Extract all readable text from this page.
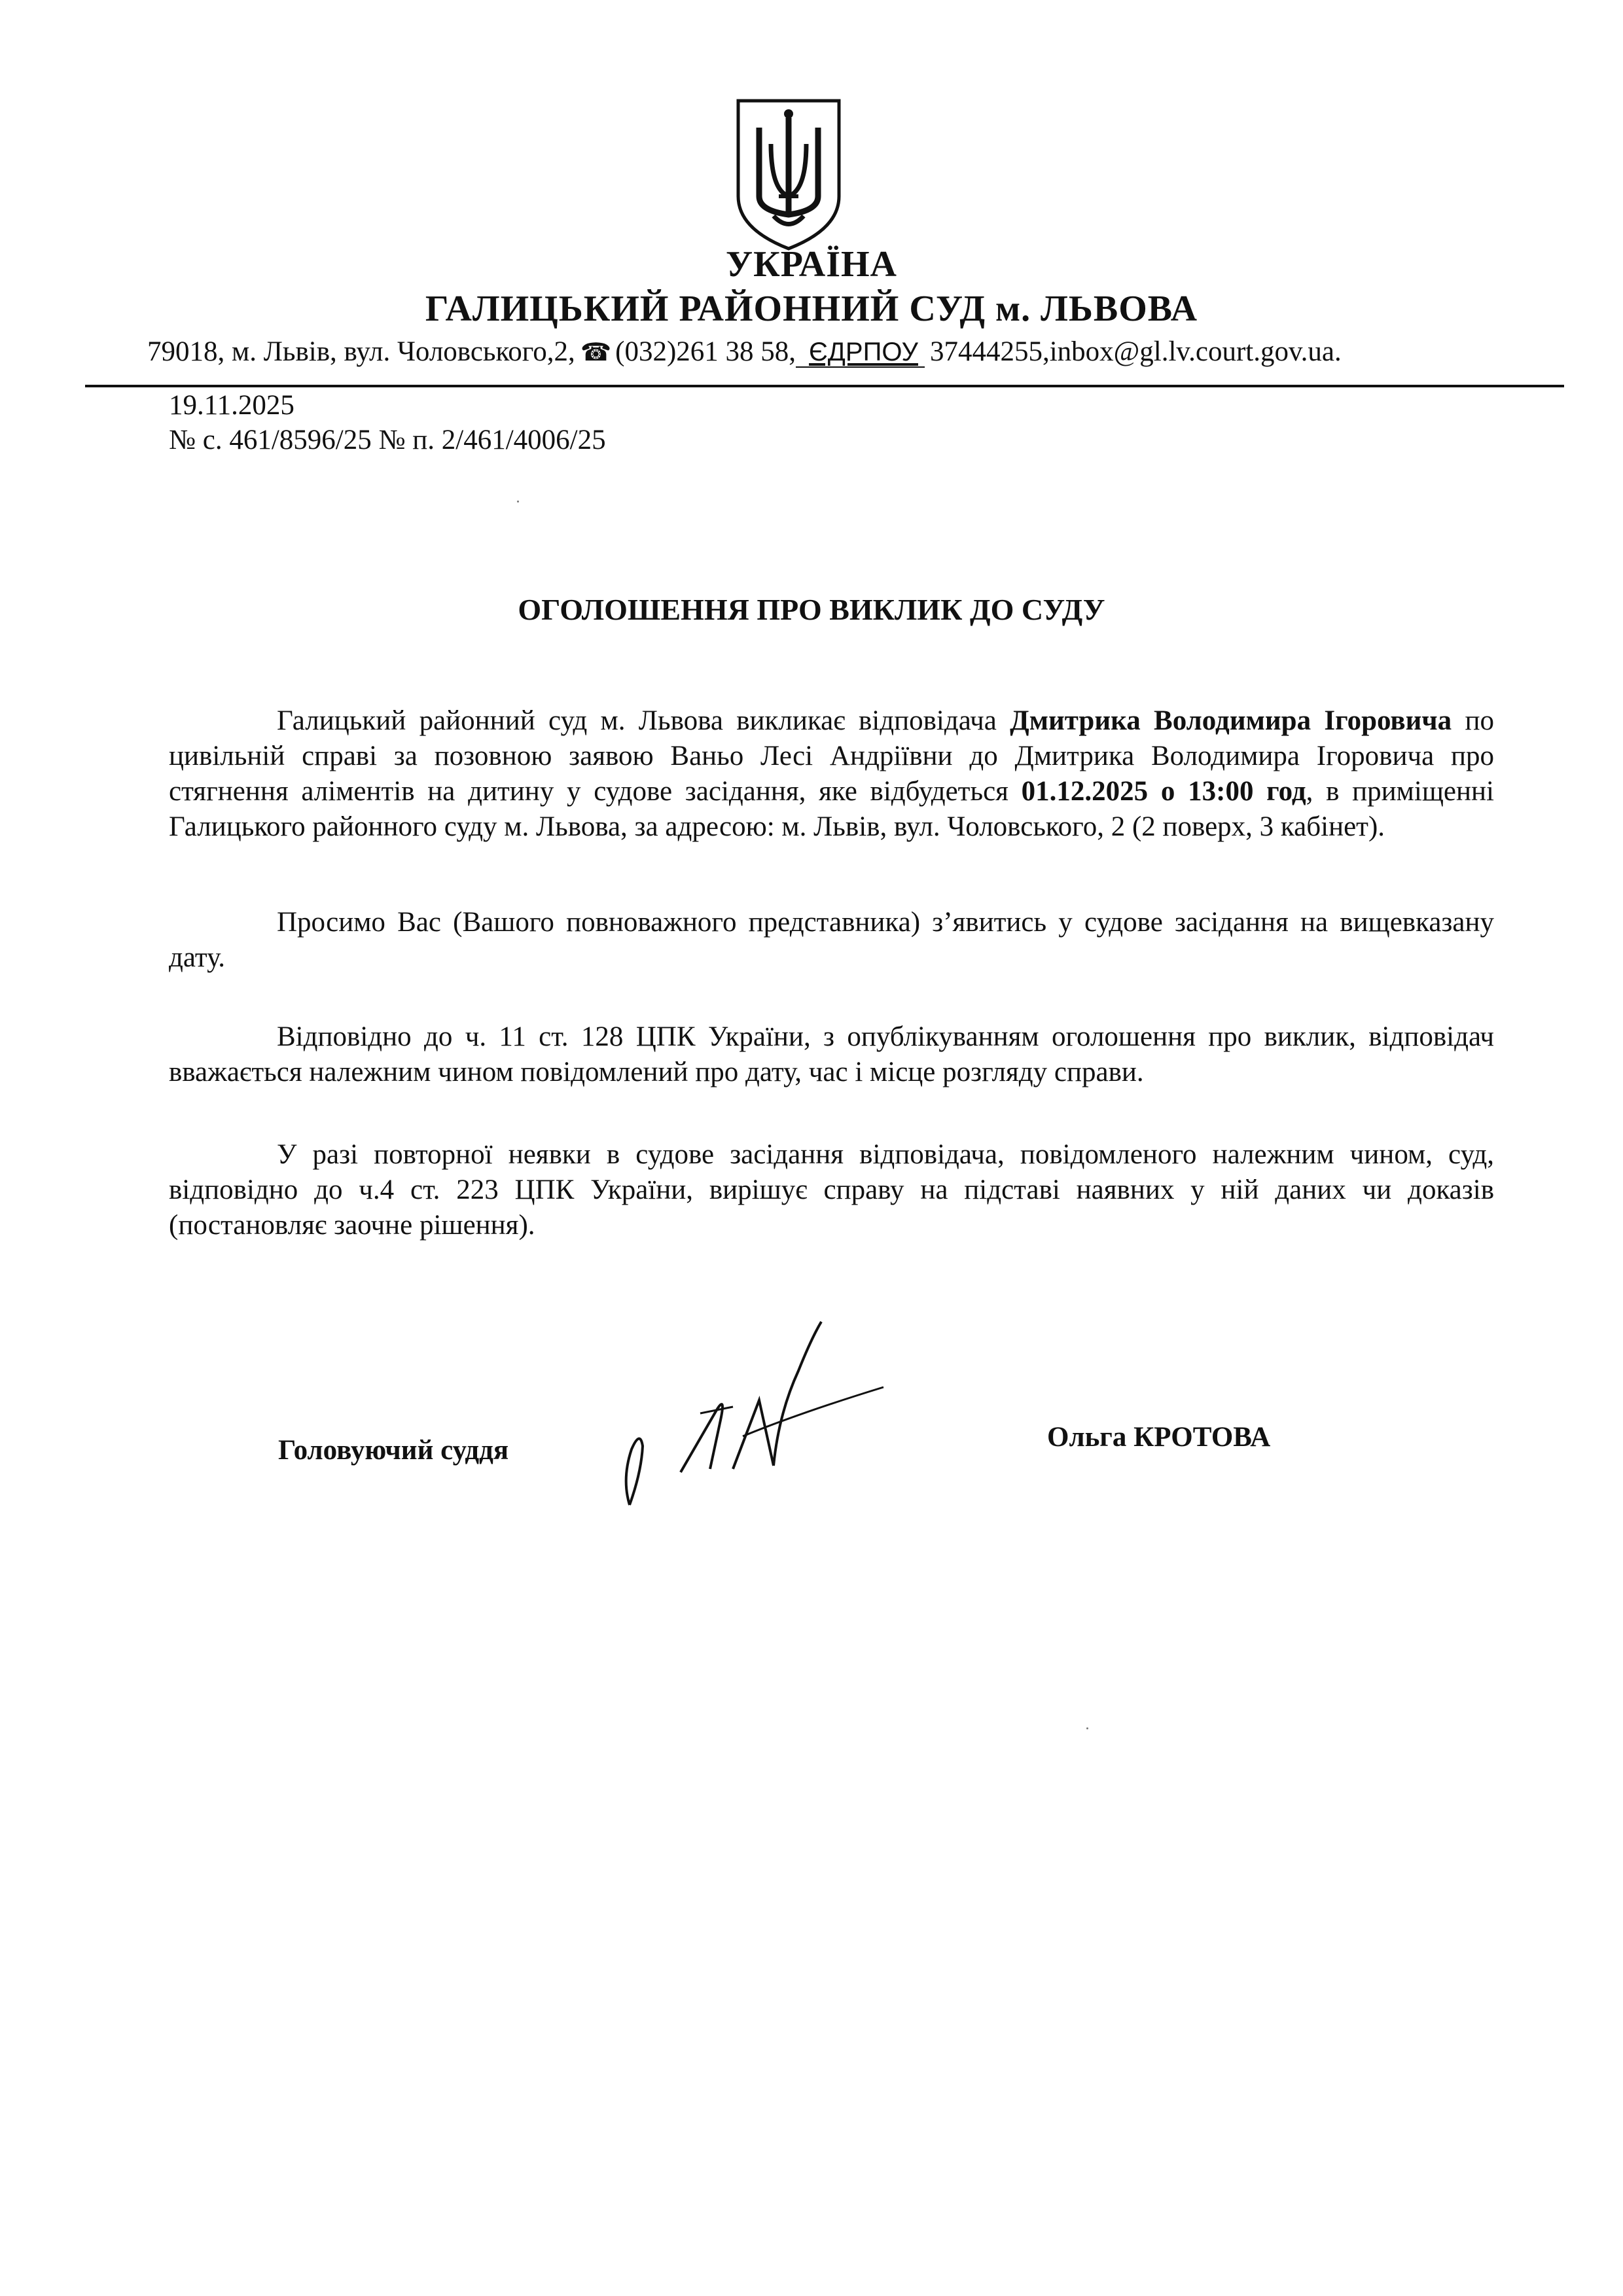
УКРАЇНА
ГАЛИЦЬКИЙ РАЙОННИЙ СУД м. ЛЬВОВА
79018, м. Львів, вул. Чоловського,2, ☎ (032)261 38 58, ЄДРПОУ 37444255,inbox@gl.lv.court.gov.ua.
19.11.2025
№ с. 461/8596/25 № п. 2/461/4006/25
ОГОЛОШЕННЯ ПРО ВИКЛИК ДО СУДУ

Галицький районний суд м. Львова викликає відповідача Дмитрика Володимира Ігоровича по цивільній справі за позовною заявою Ваньо Лесі Андріївни до Дмитрика Володимира Ігоровича про стягнення аліментів на дитину у судове засідання, яке відбудеться 01.12.2025 о 13:00 год, в приміщенні Галицького районного суду м. Львова, за адресою: м. Львів, вул. Чоловського, 2 (2 поверх, 3 кабінет).

Просимо Вас (Вашого повноважного представника) з’явитись у судове засідання на вищевказану дату.

Відповідно до ч. 11 ст. 128 ЦПК України, з опублікуванням оголошення про виклик, відповідач вважається належним чином повідомлений про дату, час і місце розгляду справи.

У разі повторної неявки в судове засідання відповідача, повідомленого належним чином, суд, відповідно до ч.4 ст. 223 ЦПК України, вирішує справу на підставі наявних у ній даних чи доказів (постановляє заочне рішення).

Головуючий суддя	Ольга КРОТОВА
